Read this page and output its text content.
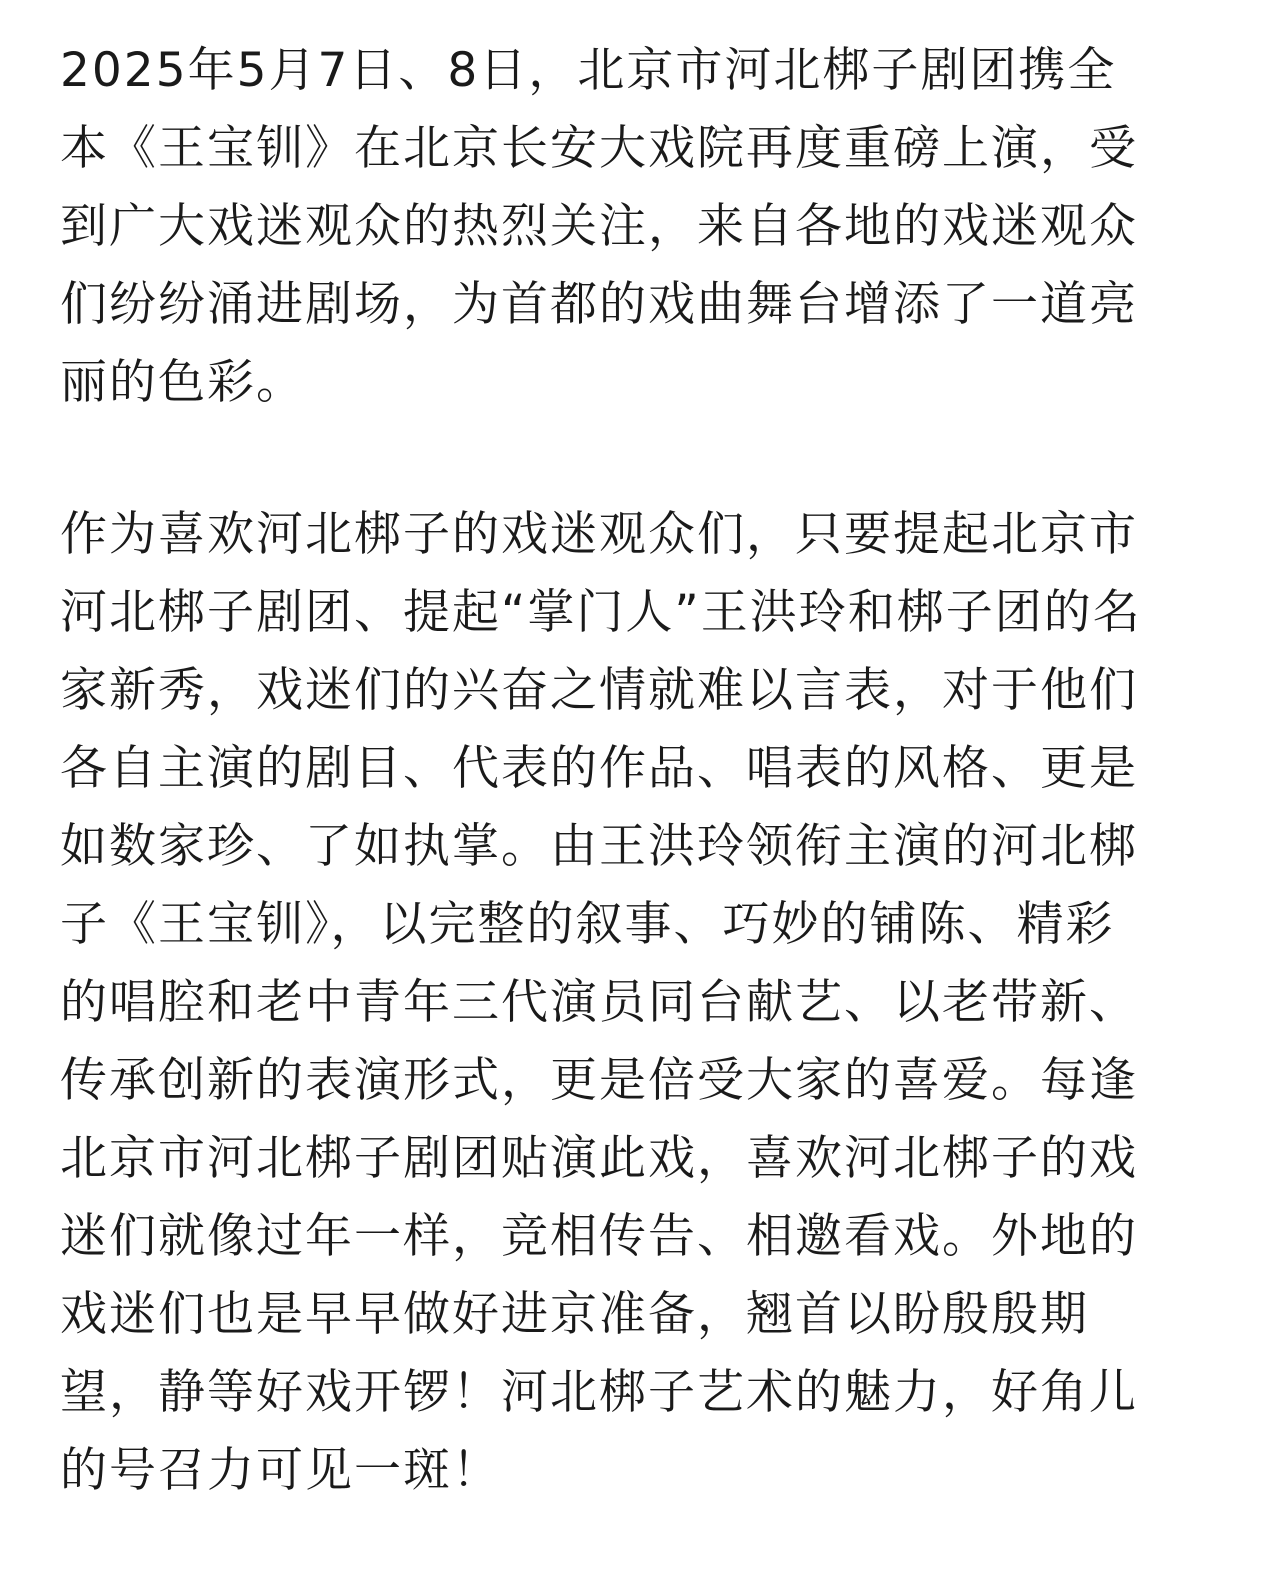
2025年5月7日、8日，北京市河北梆子剧团携全
本《王宝钏》在北京长安大戏院再度重磅上演，受
到广大戏迷观众的热烈关注，来自各地的戏迷观众
们纷纷涌进剧场，为首都的戏曲舞台增添了一道亮
丽的色彩。
作为喜欢河北梆子的戏迷观众们，只要提起北京市
河北梆子剧团、提起“掌门人”王洪玲和梆子团的名
家新秀，戏迷们的兴奋之情就难以言表，对于他们
各自主演的剧目、代表的作品、唱表的风格、更是
如数家珍、了如执掌。由王洪玲领衔主演的河北梆
子《王宝钏》，以完整的叙事、巧妙的铺陈、精彩
的唱腔和老中青年三代演员同台献艺、以老带新、
传承创新的表演形式，更是倍受大家的喜爱。每逢
北京市河北梆子剧团贴演此戏，喜欢河北梆子的戏
迷们就像过年一样，竞相传告、相邀看戏。外地的
戏迷们也是早早做好进京准备，翘首以盼殷殷期
望，静等好戏开锣！河北梆子艺术的魅力，好角儿
的号召力可见一斑！
